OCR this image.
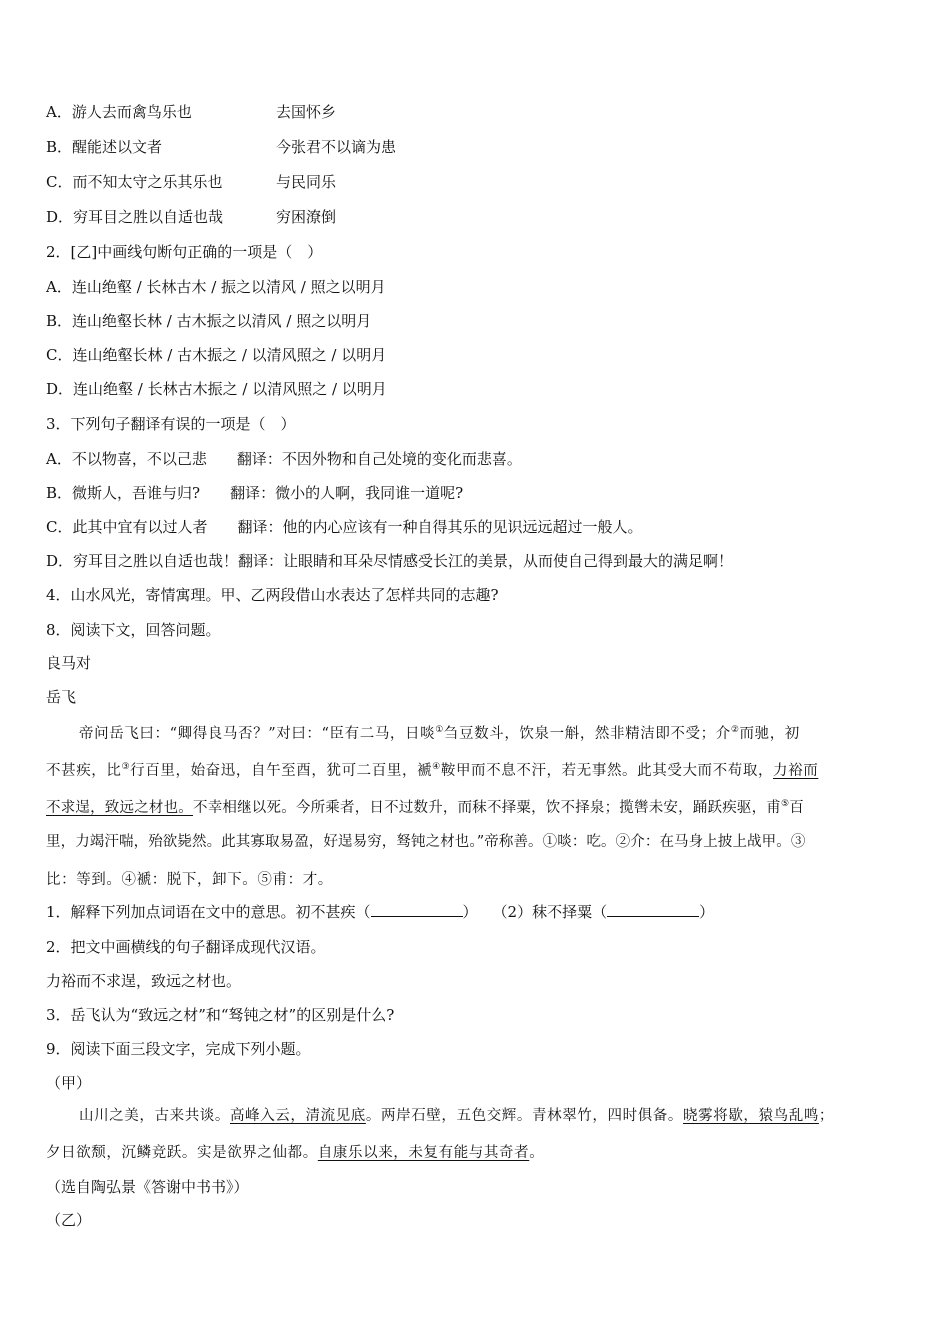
A．游人去而禽鸟乐也	去国怀乡
B．醒能述以文者	今张君不以谪为患
C．而不知太守之乐其乐也	与民同乐
D．穷耳目之胜以自适也哉	穷困潦倒
2．[乙]中画线句断句正确的一项是（　）
A．连山绝壑 / 长林古木 / 振之以清风 / 照之以明月
B．连山绝壑长林 / 古木振之以清风 / 照之以明月
C．连山绝壑长林 / 古木振之 / 以清风照之 / 以明月
D．连山绝壑 / 长林古木振之 / 以清风照之 / 以明月
3．下列句子翻译有误的一项是（　）
A．不以物喜，不以己悲　　翻译：不因外物和自己处境的变化而悲喜。
B．微斯人，吾谁与归?　　翻译：微小的人啊，我同谁一道呢?
C．此其中宜有以过人者　　翻译：他的内心应该有一种自得其乐的见识远远超过一般人。
D．穷耳目之胜以自适也哉！翻译：让眼睛和耳朵尽情感受长江的美景，从而使自己得到最大的满足啊！
4．山水风光，寄情寓理。甲、乙两段借山水表达了怎样共同的志趣?
8．阅读下文，回答问题。
良马对
岳飞
帝问岳飞曰：“卿得良马否？”对曰：“臣有二马，日啖①刍豆数斗，饮泉一斛，然非精洁即不受；介②而驰，初
不甚疾，比③行百里，始奋迅，自午至酉，犹可二百里，褫④鞍甲而不息不汗，若无事然。此其受大而不苟取，力裕而
不求逞，致远之材也。不幸相继以死。今所乘者，日不过数升，而秣不择粟，饮不择泉；揽辔未安，踊跃疾驱，甫⑤百
里，力竭汗喘，殆欲毙然。此其寡取易盈，好逞易穷，驽钝之材也。”帝称善。①啖：吃。②介：在马身上披上战甲。③
比：等到。④褫：脱下，卸下。⑤甫：才。
1．解释下列加点词语在文中的意思。初不甚疾（	）　　（2）秣不择粟（	）
2．把文中画横线的句子翻译成现代汉语。
力裕而不求逞，致远之材也。
3．岳飞认为“致远之材”和“驽钝之材”的区别是什么?
9．阅读下面三段文字，完成下列小题。
（甲）
山川之美，古来共谈。高峰入云，清流见底。两岸石壁，五色交辉。青林翠竹，四时俱备。晓雾将歇，猿鸟乱鸣；
夕日欲颓，沉鳞竞跃。实是欲界之仙都。自康乐以来，未复有能与其奇者。
（选自陶弘景《答谢中书书》）
（乙）
